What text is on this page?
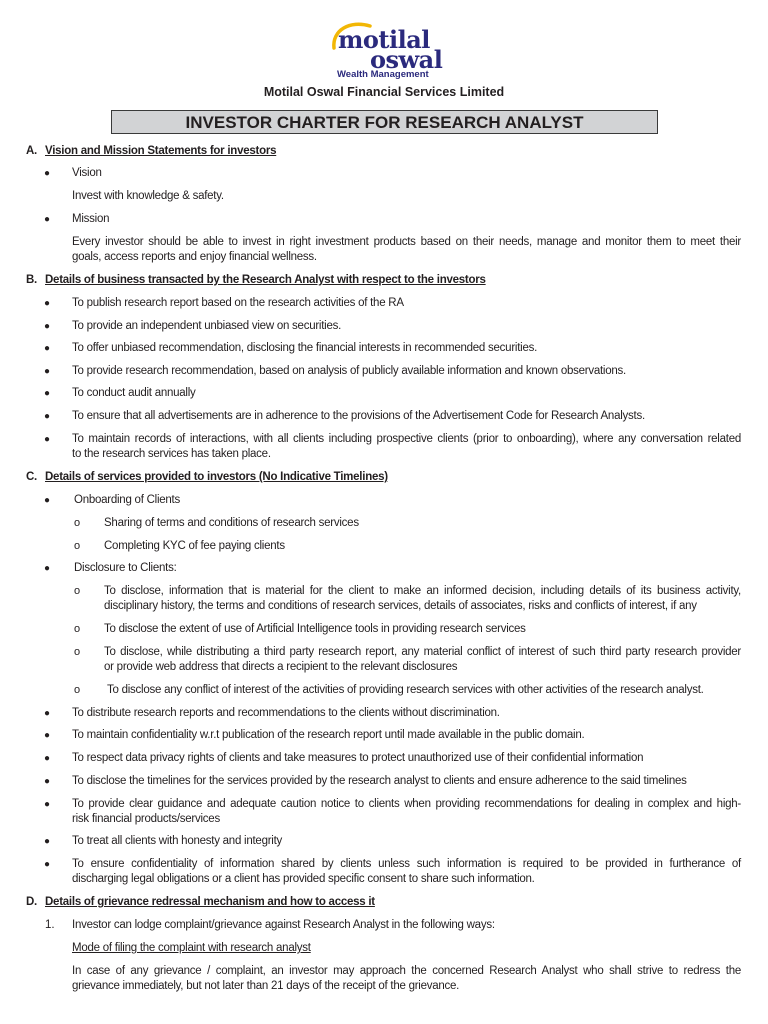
motilal
oswal
Wealth Management
Motilal Oswal Financial Services Limited
INVESTOR CHARTER FOR RESEARCH ANALYST
A. Vision and Mission Statements for investors
● Vision
Invest with knowledge & safety.
● Mission
Every investor should be able to invest in right investment products based on their needs, manage and monitor them to meet their
goals, access reports and enjoy financial wellness.
B. Details of business transacted by the Research Analyst with respect to the investors
● To publish research report based on the research activities of the RA
● To provide an independent unbiased view on securities.
● To offer unbiased recommendation, disclosing the financial interests in recommended securities.
● To provide research recommendation, based on analysis of publicly available information and known observations.
● To conduct audit annually
● To ensure that all advertisements are in adherence to the provisions of the Advertisement Code for Research Analysts.
● To maintain records of interactions, with all clients including prospective clients (prior to onboarding), where any conversation related
to the research services has taken place.
C. Details of services provided to investors (No Indicative Timelines)
● Onboarding of Clients
o Sharing of terms and conditions of research services
o Completing KYC of fee paying clients
● Disclosure to Clients:
o To disclose, information that is material for the client to make an informed decision, including details of its business activity,
disciplinary history, the terms and conditions of research services, details of associates, risks and conflicts of interest, if any
o To disclose the extent of use of Artificial Intelligence tools in providing research services
o To disclose, while distributing a third party research report, any material conflict of interest of such third party research provider
or provide web address that directs a recipient to the relevant disclosures
o To disclose any conflict of interest of the activities of providing research services with other activities of the research analyst.
● To distribute research reports and recommendations to the clients without discrimination.
● To maintain confidentiality w.r.t publication of the research report until made available in the public domain.
● To respect data privacy rights of clients and take measures to protect unauthorized use of their confidential information
● To disclose the timelines for the services provided by the research analyst to clients and ensure adherence to the said timelines
● To provide clear guidance and adequate caution notice to clients when providing recommendations for dealing in complex and high-
risk financial products/services
● To treat all clients with honesty and integrity
● To ensure confidentiality of information shared by clients unless such information is required to be provided in furtherance of
discharging legal obligations or a client has provided specific consent to share such information.
D. Details of grievance redressal mechanism and how to access it
1. Investor can lodge complaint/grievance against Research Analyst in the following ways:
Mode of filing the complaint with research analyst
In case of any grievance / complaint, an investor may approach the concerned Research Analyst who shall strive to redress the
grievance immediately, but not later than 21 days of the receipt of the grievance.
